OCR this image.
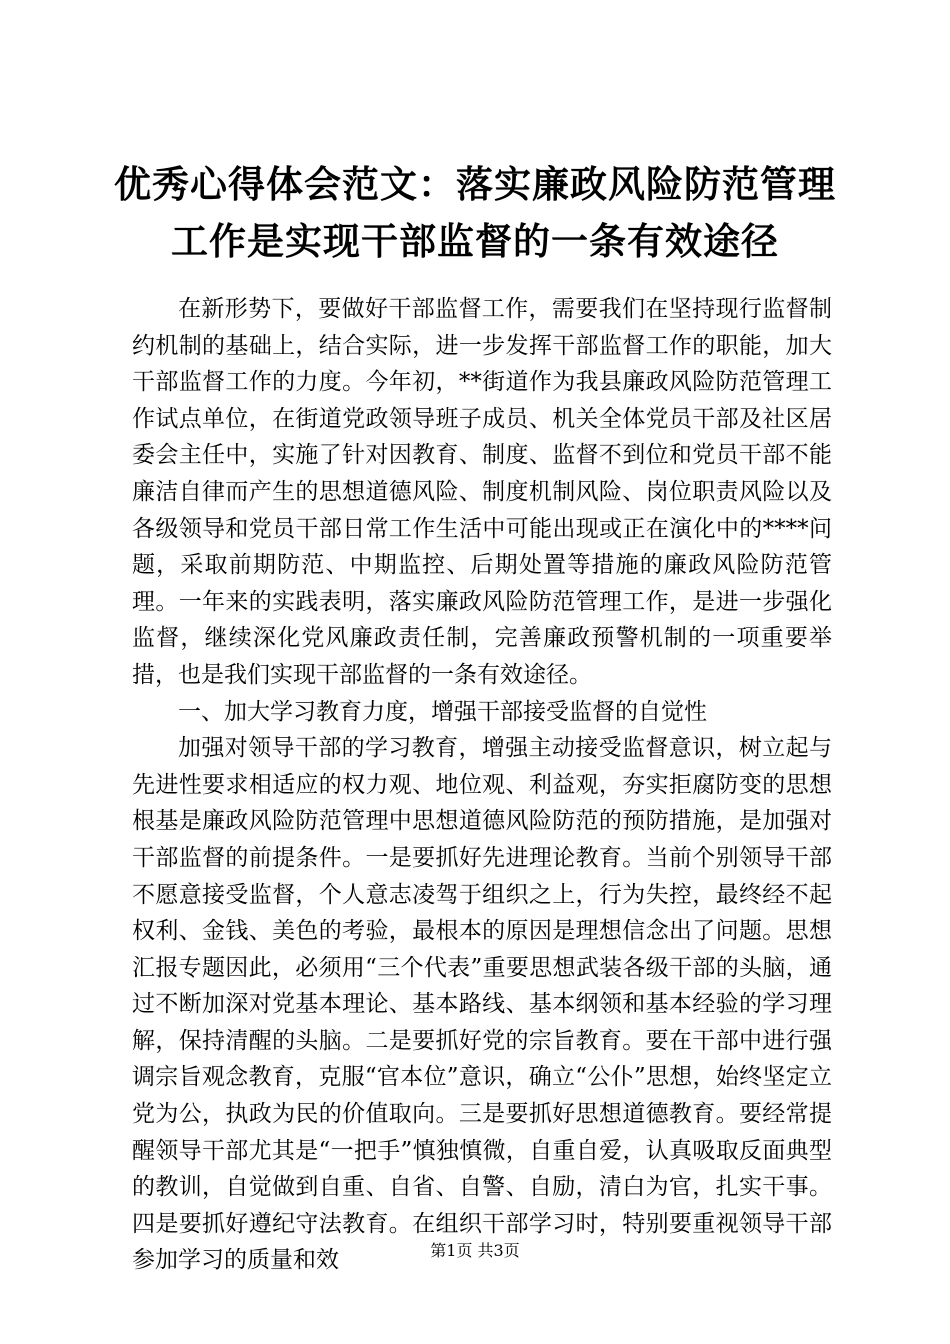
优秀心得体会范文：落实廉政风险防范管理工作是实现干部监督的一条有效途径

在新形势下，要做好干部监督工作，需要我们在坚持现行监督制约机制的基础上，结合实际，进一步发挥干部监督工作的职能，加大干部监督工作的力度。今年初，**街道作为我县廉政风险防范管理工作试点单位，在街道党政领导班子成员、机关全体党员干部及社区居委会主任中，实施了针对因教育、制度、监督不到位和党员干部不能廉洁自律而产生的思想道德风险、制度机制风险、岗位职责风险以及各级领导和党员干部日常工作生活中可能出现或正在演化中的****问题，采取前期防范、中期监控、后期处置等措施的廉政风险防范管理。一年来的实践表明，落实廉政风险防范管理工作，是进一步强化监督，继续深化党风廉政责任制，完善廉政预警机制的一项重要举措，也是我们实现干部监督的一条有效途径。

一、加大学习教育力度，增强干部接受监督的自觉性

加强对领导干部的学习教育，增强主动接受监督意识，树立起与先进性要求相适应的权力观、地位观、利益观，夯实拒腐防变的思想根基是廉政风险防范管理中思想道德风险防范的预防措施，是加强对干部监督的前提条件。一是要抓好先进理论教育。当前个别领导干部不愿意接受监督，个人意志凌驾于组织之上，行为失控，最终经不起权利、金钱、美色的考验，最根本的原因是理想信念出了问题。思想汇报专题因此，必须用“三个代表”重要思想武装各级干部的头脑，通过不断加深对党基本理论、基本路线、基本纲领和基本经验的学习理解，保持清醒的头脑。二是要抓好党的宗旨教育。要在干部中进行强调宗旨观念教育，克服“官本位”意识，确立“公仆”思想，始终坚定立党为公，执政为民的价值取向。三是要抓好思想道德教育。要经常提醒领导干部尤其是“一把手”慎独慎微，自重自爱，认真吸取反面典型的教训，自觉做到自重、自省、自警、自励，清白为官，扎实干事。四是要抓好遵纪守法教育。在组织干部学习时，特别要重视领导干部参加学习的质量和效	第1页 共3页
